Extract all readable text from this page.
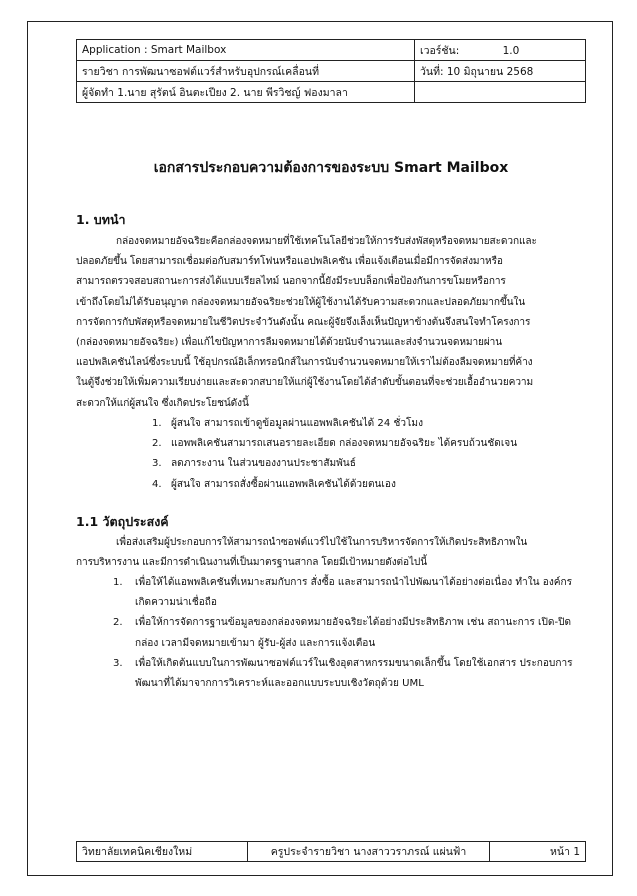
Application : Smart Mailbox	เวอร์ชัน: 1.0
รายวิชา การพัฒนาซอฟต์แวร์สำหรับอุปกรณ์เคลื่อนที่	วันที่: 10 มิถุนายน 2568
ผู้จัดทำ 1.นาย สุรัตน์ อินตะเปียง 2. นาย พีรวิชญ์ ฟองมาลา	
เอกสารประกอบความต้องการของระบบ Smart Mailbox
1. บทนำ
กล่องจดหมายอัจฉริยะคือกล่องจดหมายที่ใช้เทคโนโลยีช่วยให้การรับส่งพัสดุหรือจดหมายสะดวกและ
ปลอดภัยขึ้น โดยสามารถเชื่อมต่อกับสมาร์ทโฟนหรือแอปพลิเคชัน เพื่อแจ้งเตือนเมื่อมีการจัดส่งมาหรือ
สามารถตรวจสอบสถานะการส่งได้แบบเรียลไทม์ นอกจากนี้ยังมีระบบล็อกเพื่อป้องกันการขโมยหรือการ
เข้าถึงโดยไม่ได้รับอนุญาต กล่องจดหมายอัจฉริยะช่วยให้ผู้ใช้งานได้รับความสะดวกและปลอดภัยมากขึ้นใน
การจัดการกับพัสดุหรือจดหมายในชีวิตประจำวันดังนั้น คณะผู้จัยจึงเล็งเห็นปัญหาข้างต้นจึงสนใจทำโครงการ
(กล่องจดหมายอัจฉริยะ) เพื่อแก้ไขปัญหาการลืมจดหมายได้ด้วยนับจำนวนและส่งจำนวนจดหมายผ่าน
แอปพลิเคชันไลน์ซึ่งระบบนี้ ใช้อุปกรณ์อิเล็กทรอนิกส์ในการนับจำนวนจดหมายให้เราไม่ต้องลืมจดหมายที่ค้าง
ในตู้จึงช่วยให้เพิ่มความเรียบง่ายและสะดวกสบายให้แก่ผู้ใช้งานโดยได้ลำดับขั้นตอนที่จะช่วยเอื้ออำนวยความ
สะดวกให้แก่ผู้สนใจ ซึ่งเกิดประโยชน์ดังนี้
1. ผู้สนใจ สามารถเข้าดูข้อมูลผ่านแอพพลิเคชันได้ 24 ชั่วโมง
2. แอพพลิเคชันสามารถเสนอรายละเอียด กล่องจดหมายอัจฉริยะ ได้ครบถ้วนชัดเจน
3. ลดภาระงาน ในส่วนของงานประชาสัมพันธ์
4. ผู้สนใจ สามารถสั่งซื้อผ่านแอพพลิเคชันได้ด้วยตนเอง
1.1 วัตถุประสงค์
เพื่อส่งเสริมผู้ประกอบการให้สามารถนำซอฟต์แวร์ไปใช้ในการบริหารจัดการให้เกิดประสิทธิภาพใน
การบริหารงาน และมีการดำเนินงานที่เป็นมาตรฐานสากล โดยมีเป้าหมายดังต่อไปนี้
1.	เพื่อให้ได้แอพพลิเคชันที่เหมาะสมกับการ สั่งซื้อ และสามารถนำไปพัฒนาได้อย่างต่อเนื่อง ทำใน องค์กรเกิดความน่าเชื่อถือ
2.	เพื่อให้การจัดการฐานข้อมูลของกล่องจดหมายอัจฉริยะได้อย่างมีประสิทธิภาพ เช่น สถานะการ เปิด-ปิดกล่อง เวลามีจดหมายเข้ามา ผู้รับ-ผู้ส่ง และการแจ้งเตือน
3.	เพื่อให้เกิดต้นแบบในการพัฒนาซอฟต์แวร์ในเชิงอุตสาหกรรมขนาดเล็กขึ้น โดยใช้เอกสาร ประกอบการพัฒนาที่ได้มาจากการวิเคราะห์และออกแบบระบบเชิงวัตถุด้วย UML
วิทยาลัยเทคนิคเชียงใหม่	ครูประจำรายวิชา นางสาววราภรณ์ แผ่นฟ้า	หน้า 1
